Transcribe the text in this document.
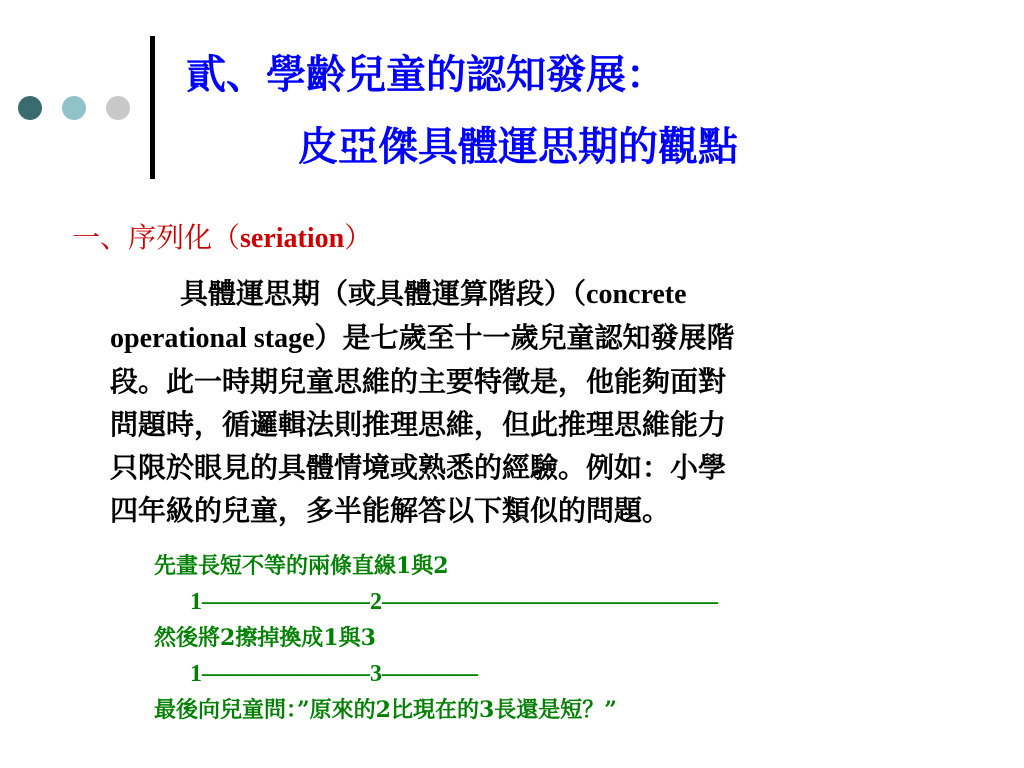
貳、學齡兒童的認知發展：
皮亞傑具體運思期的觀點
一、序列化（seriation）
具體運思期（或具體運算階段）（concrete
operational stage）是七歲至十一歲兒童認知發展階
段。此一時期兒童思維的主要特徵是，他能夠面對
問題時，循邏輯法則推理思維，但此推理思維能力
只限於眼見的具體情境或熟悉的經驗。例如：小學
四年級的兒童，多半能解答以下類似的問題。
先畫長短不等的兩條直線1與2
1———————2——————————————
然後將2擦掉換成1與3
1———————3————
最後向兒童問：”原來的2比現在的3長還是短？”
